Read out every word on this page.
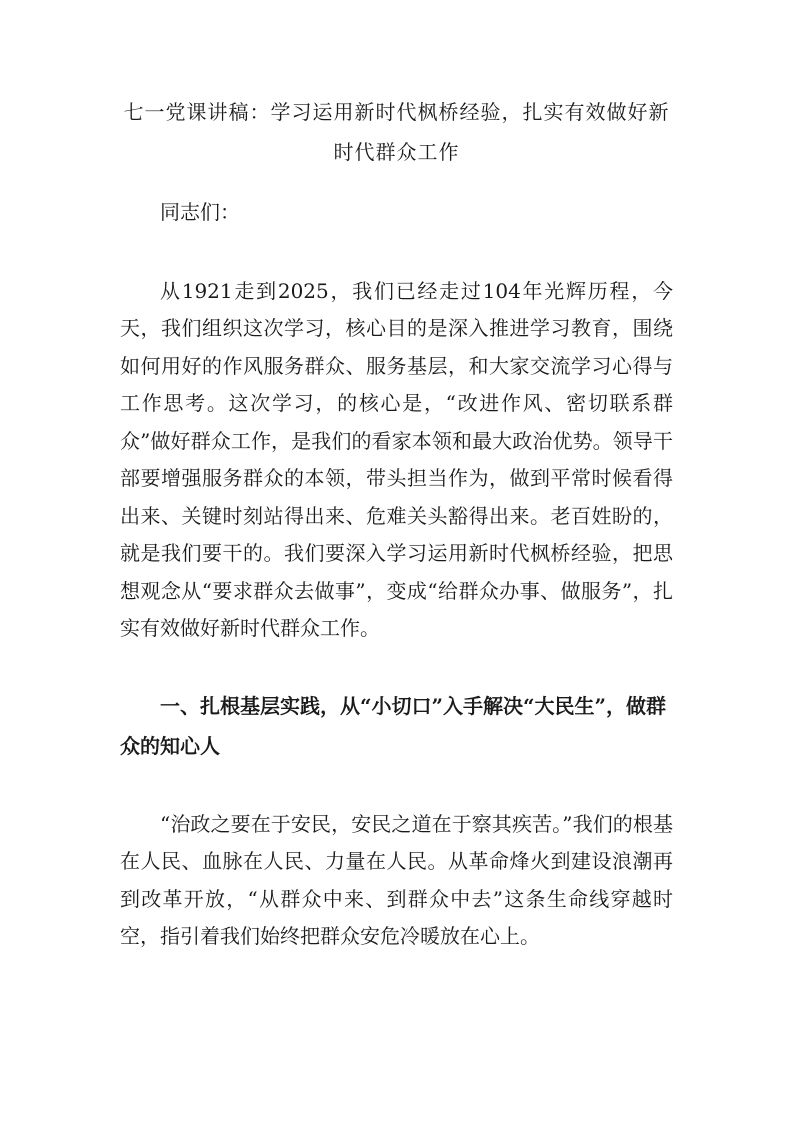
七一党课讲稿：学习运用新时代枫桥经验，扎实有效做好新
时代群众工作

同志们：

从1921走到2025，我们已经走过104年光辉历程，今天，我们组织这次学习，核心目的是深入推进学习教育，围绕如何用好的作风服务群众、服务基层，和大家交流学习心得与工作思考。这次学习，的核心是，“改进作风、密切联系群众”做好群众工作，是我们的看家本领和最大政治优势。领导干部要增强服务群众的本领，带头担当作为，做到平常时候看得出来、关键时刻站得出来、危难关头豁得出来。老百姓盼的，就是我们要干的。我们要深入学习运用新时代枫桥经验，把思想观念从“要求群众去做事”，变成“给群众办事、做服务”，扎实有效做好新时代群众工作。

一、扎根基层实践，从“小切口”入手解决“大民生”，做群众的知心人

“治政之要在于安民，安民之道在于察其疾苦。”我们的根基在人民、血脉在人民、力量在人民。从革命烽火到建设浪潮再到改革开放，“从群众中来、到群众中去”这条生命线穿越时空，指引着我们始终把群众安危冷暖放在心上。
